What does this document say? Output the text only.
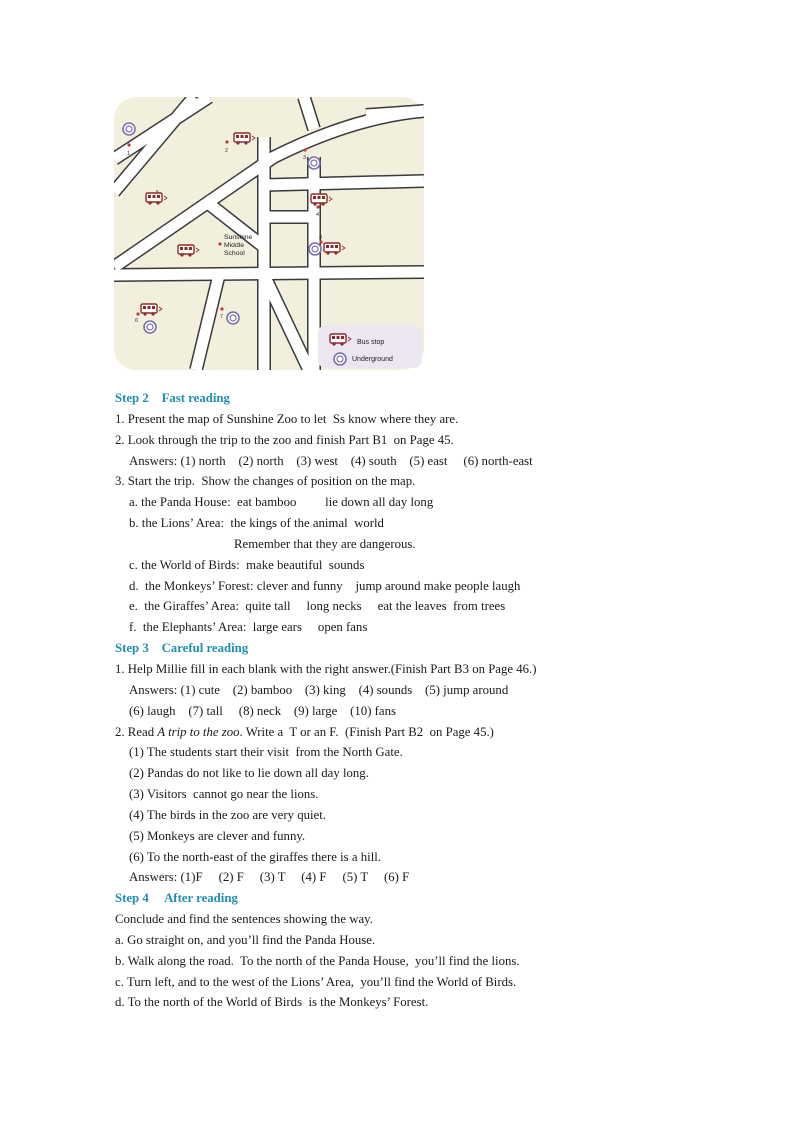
1	2
3
4
6
7
8
Sunshine Middle School
Bus stop
Underground
Step 2    Fast reading
1. Present the map of Sunshine Zoo to let  Ss know where they are.
2. Look through the trip to the zoo and finish Part B1  on Page 45.
Answers: (1) north    (2) north    (3) west    (4) south    (5) east     (6) north-east
3. Start the trip.  Show the changes of position on the map.
a. the Panda House:  eat bamboo         lie down all day long
b. the Lions’ Area:  the kings of the animal  world
Remember that they are dangerous.
c. the World of Birds:  make beautiful  sounds
d.  the Monkeys’ Forest: clever and funny    jump around make people laugh
e.  the Giraffes’ Area:  quite tall     long necks     eat the leaves  from trees
f.  the Elephants’ Area:  large ears     open fans
Step 3    Careful reading
1. Help Millie fill in each blank with the right answer.(Finish Part B3 on Page 46.)
Answers: (1) cute    (2) bamboo    (3) king    (4) sounds    (5) jump around
(6) laugh    (7) tall     (8) neck    (9) large    (10) fans
2. Read A trip to the zoo. Write a  T or an F.  (Finish Part B2  on Page 45.)
(1) The students start their visit  from the North Gate.
(2) Pandas do not like to lie down all day long.
(3) Visitors  cannot go near the lions.
(4) The birds in the zoo are very quiet.
(5) Monkeys are clever and funny.
(6) To the north-east of the giraffes there is a hill.
Answers: (1)F     (2) F     (3) T     (4) F     (5) T     (6) F
Step 4     After reading
Conclude and find the sentences showing the way.
a. Go straight on, and you’ll find the Panda House.
b. Walk along the road.  To the north of the Panda House,  you’ll find the lions.
c. Turn left, and to the west of the Lions’ Area,  you’ll find the World of Birds.
d. To the north of the World of Birds  is the Monkeys’ Forest.
